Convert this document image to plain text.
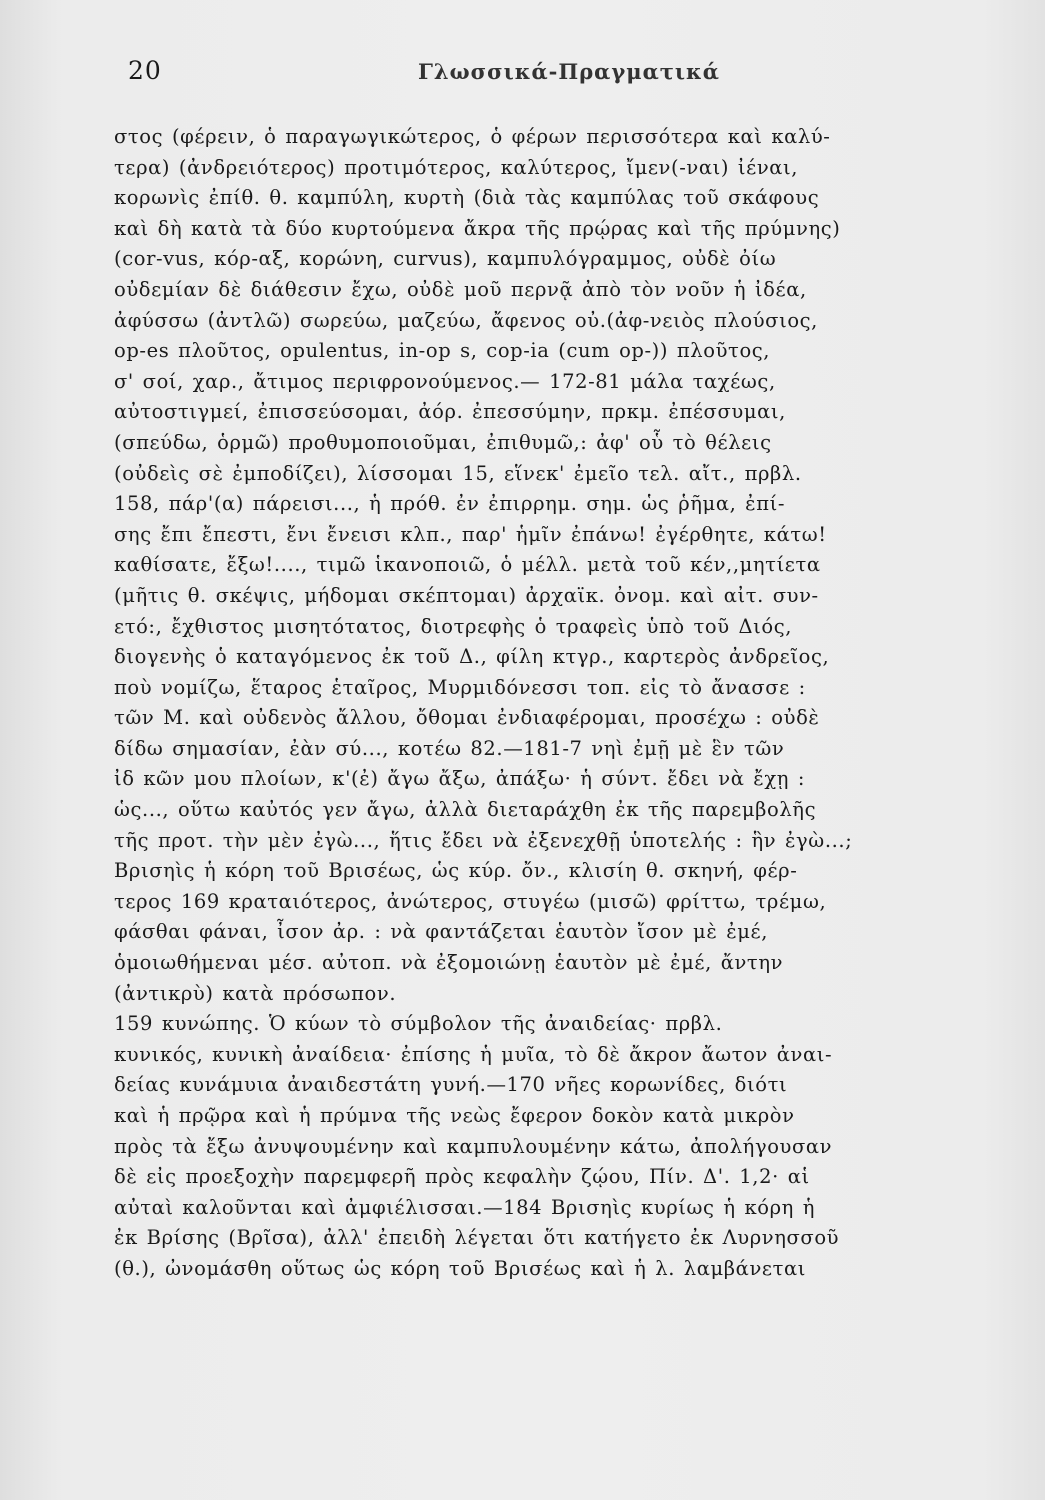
20	Γλωσσικά-Πραγματικά
στος (φέρειν, ὁ παραγωγικώτερος, ὁ φέρων περισσότερα καὶ καλύ-
τερα) (ἀνδρειότερος) προτιμότερος, καλύτερος, ἴμεν(-ναι) ἰέναι,
κορωνὶς ἐπίθ. θ. καμπύλη, κυρτὴ (διὰ τὰς καμπύλας τοῦ σκάφους
καὶ δὴ κατὰ τὰ δύο κυρτούμενα ἄκρα τῆς πρῴρας καὶ τῆς πρύμνης)
(cor-vus, κόρ-αξ, κορώνη, curvus), καμπυλόγραμμος, οὐδὲ ὀίω
οὐδεμίαν δὲ διάθεσιν ἔχω, οὐδὲ μοῦ περνᾷ ἀπὸ τὸν νοῦν ἡ ἰδέα,
ἀφύσσω (ἀντλῶ) σωρεύω, μαζεύω, ἄφενος οὐ.(ἀφ-νειὸς πλούσιος,
op-es πλοῦτος, opulentus, in-op s, cop-ia (cum op-)) πλοῦτος,
σ' σοί, χαρ., ἄτιμος περιφρονούμενος.— 172-81 μάλα ταχέως,
αὐτοστιγμεί, ἐπισσεύσομαι, ἀόρ. ἐπεσσύμην, πρκμ. ἐπέσσυμαι,
(σπεύδω, ὁρμῶ) προθυμοποιοῦμαι, ἐπιθυμῶ,: ἀφ' οὗ τὸ θέλεις
(οὐδεὶς σὲ ἐμποδίζει), λίσσομαι 15, εἵνεκ' ἐμεῖο τελ. αἴτ., πρβλ.
158, πάρ'(α) πάρεισι..., ἡ πρόθ. ἐν ἐπιρρημ. σημ. ὡς ῥῆμα, ἐπί-
σης ἔπι ἔπεστι, ἔνι ἔνεισι κλπ., παρ' ἡμῖν ἐπάνω! ἐγέρθητε, κάτω!
καθίσατε, ἔξω!...., τιμῶ ἱκανοποιῶ, ὁ μέλλ. μετὰ τοῦ κέν,,μητίετα
(μῆτις θ. σκέψις, μήδομαι σκέπτομαι) ἀρχαϊκ. ὀνομ. καὶ αἰτ. συν-
ετό:, ἔχθιστος μισητότατος, διοτρεφὴς ὁ τραφεὶς ὑπὸ τοῦ Διός,
διογενὴς ὁ καταγόμενος ἐκ τοῦ Δ., φίλη κτγρ., καρτερὸς ἀνδρεῖος,
ποὺ νομίζω, ἕταρος ἑταῖρος, Μυρμιδόνεσσι τοπ. εἰς τὸ ἄνασσε :
τῶν Μ. καὶ οὐδενὸς ἄλλου, ὄθομαι ἐνδιαφέρομαι, προσέχω : οὐδὲ
δίδω σημασίαν, ἐὰν σύ..., κοτέω 82.—181-7 νηὶ ἐμῇ μὲ ἓν τῶν
ἰδ κῶν μου πλοίων, κ'(ἐ) ἄγω ἄξω, ἀπάξω· ἡ σύντ. ἔδει νὰ ἔχῃ :
ὡς..., οὕτω καὐτός γεν ἄγω, ἀλλὰ διεταράχθη ἐκ τῆς παρεμβολῆς
τῆς προτ. τὴν μὲν ἐγὼ..., ἥτις ἔδει νὰ ἐξενεχθῇ ὑποτελής : ἣν ἐγὼ...;
Βρισηὶς ἡ κόρη τοῦ Βρισέως, ὡς κύρ. ὄν., κλισίη θ. σκηνή, φέρ-
τερος 169 κραταιότερος, ἀνώτερος, στυγέω (μισῶ) φρίττω, τρέμω,
φάσθαι φάναι, ἶσον ἀρ. : νὰ φαντάζεται ἑαυτὸν ἴσον μὲ ἐμέ,
ὁμοιωθήμεναι μέσ. αὐτοπ. νὰ ἐξομοιώνῃ ἑαυτὸν μὲ ἐμέ, ἄντην
(ἀντικρὺ) κατὰ πρόσωπον.
159 κυνώπης. Ὁ κύων τὸ σύμβολον τῆς ἀναιδείας· πρβλ.
κυνικός, κυνικὴ ἀναίδεια· ἐπίσης ἡ μυῖα, τὸ δὲ ἄκρον ἄωτον ἀναι-
δείας κυνάμυια ἀναιδεστάτη γυνή.—170 νῆες κορωνίδες, διότι
καὶ ἡ πρῷρα καὶ ἡ πρύμνα τῆς νεὼς ἔφερον δοκὸν κατὰ μικρὸν
πρὸς τὰ ἔξω ἀνυψουμένην καὶ καμπυλουμένην κάτω, ἀπολήγουσαν
δὲ εἰς προεξοχὴν παρεμφερῆ πρὸς κεφαλὴν ζῴου, Πίν. Δ'. 1,2· αἱ
αὐταὶ καλοῦνται καὶ ἀμφιέλισσαι.—184 Βρισηὶς κυρίως ἡ κόρη ἡ
ἐκ Βρίσης (Βρῖσα), ἀλλ' ἐπειδὴ λέγεται ὅτι κατήγετο ἐκ Λυρνησσοῦ
(θ.), ὠνομάσθη οὕτως ὡς κόρη τοῦ Βρισέως καὶ ἡ λ. λαμβάνεται
